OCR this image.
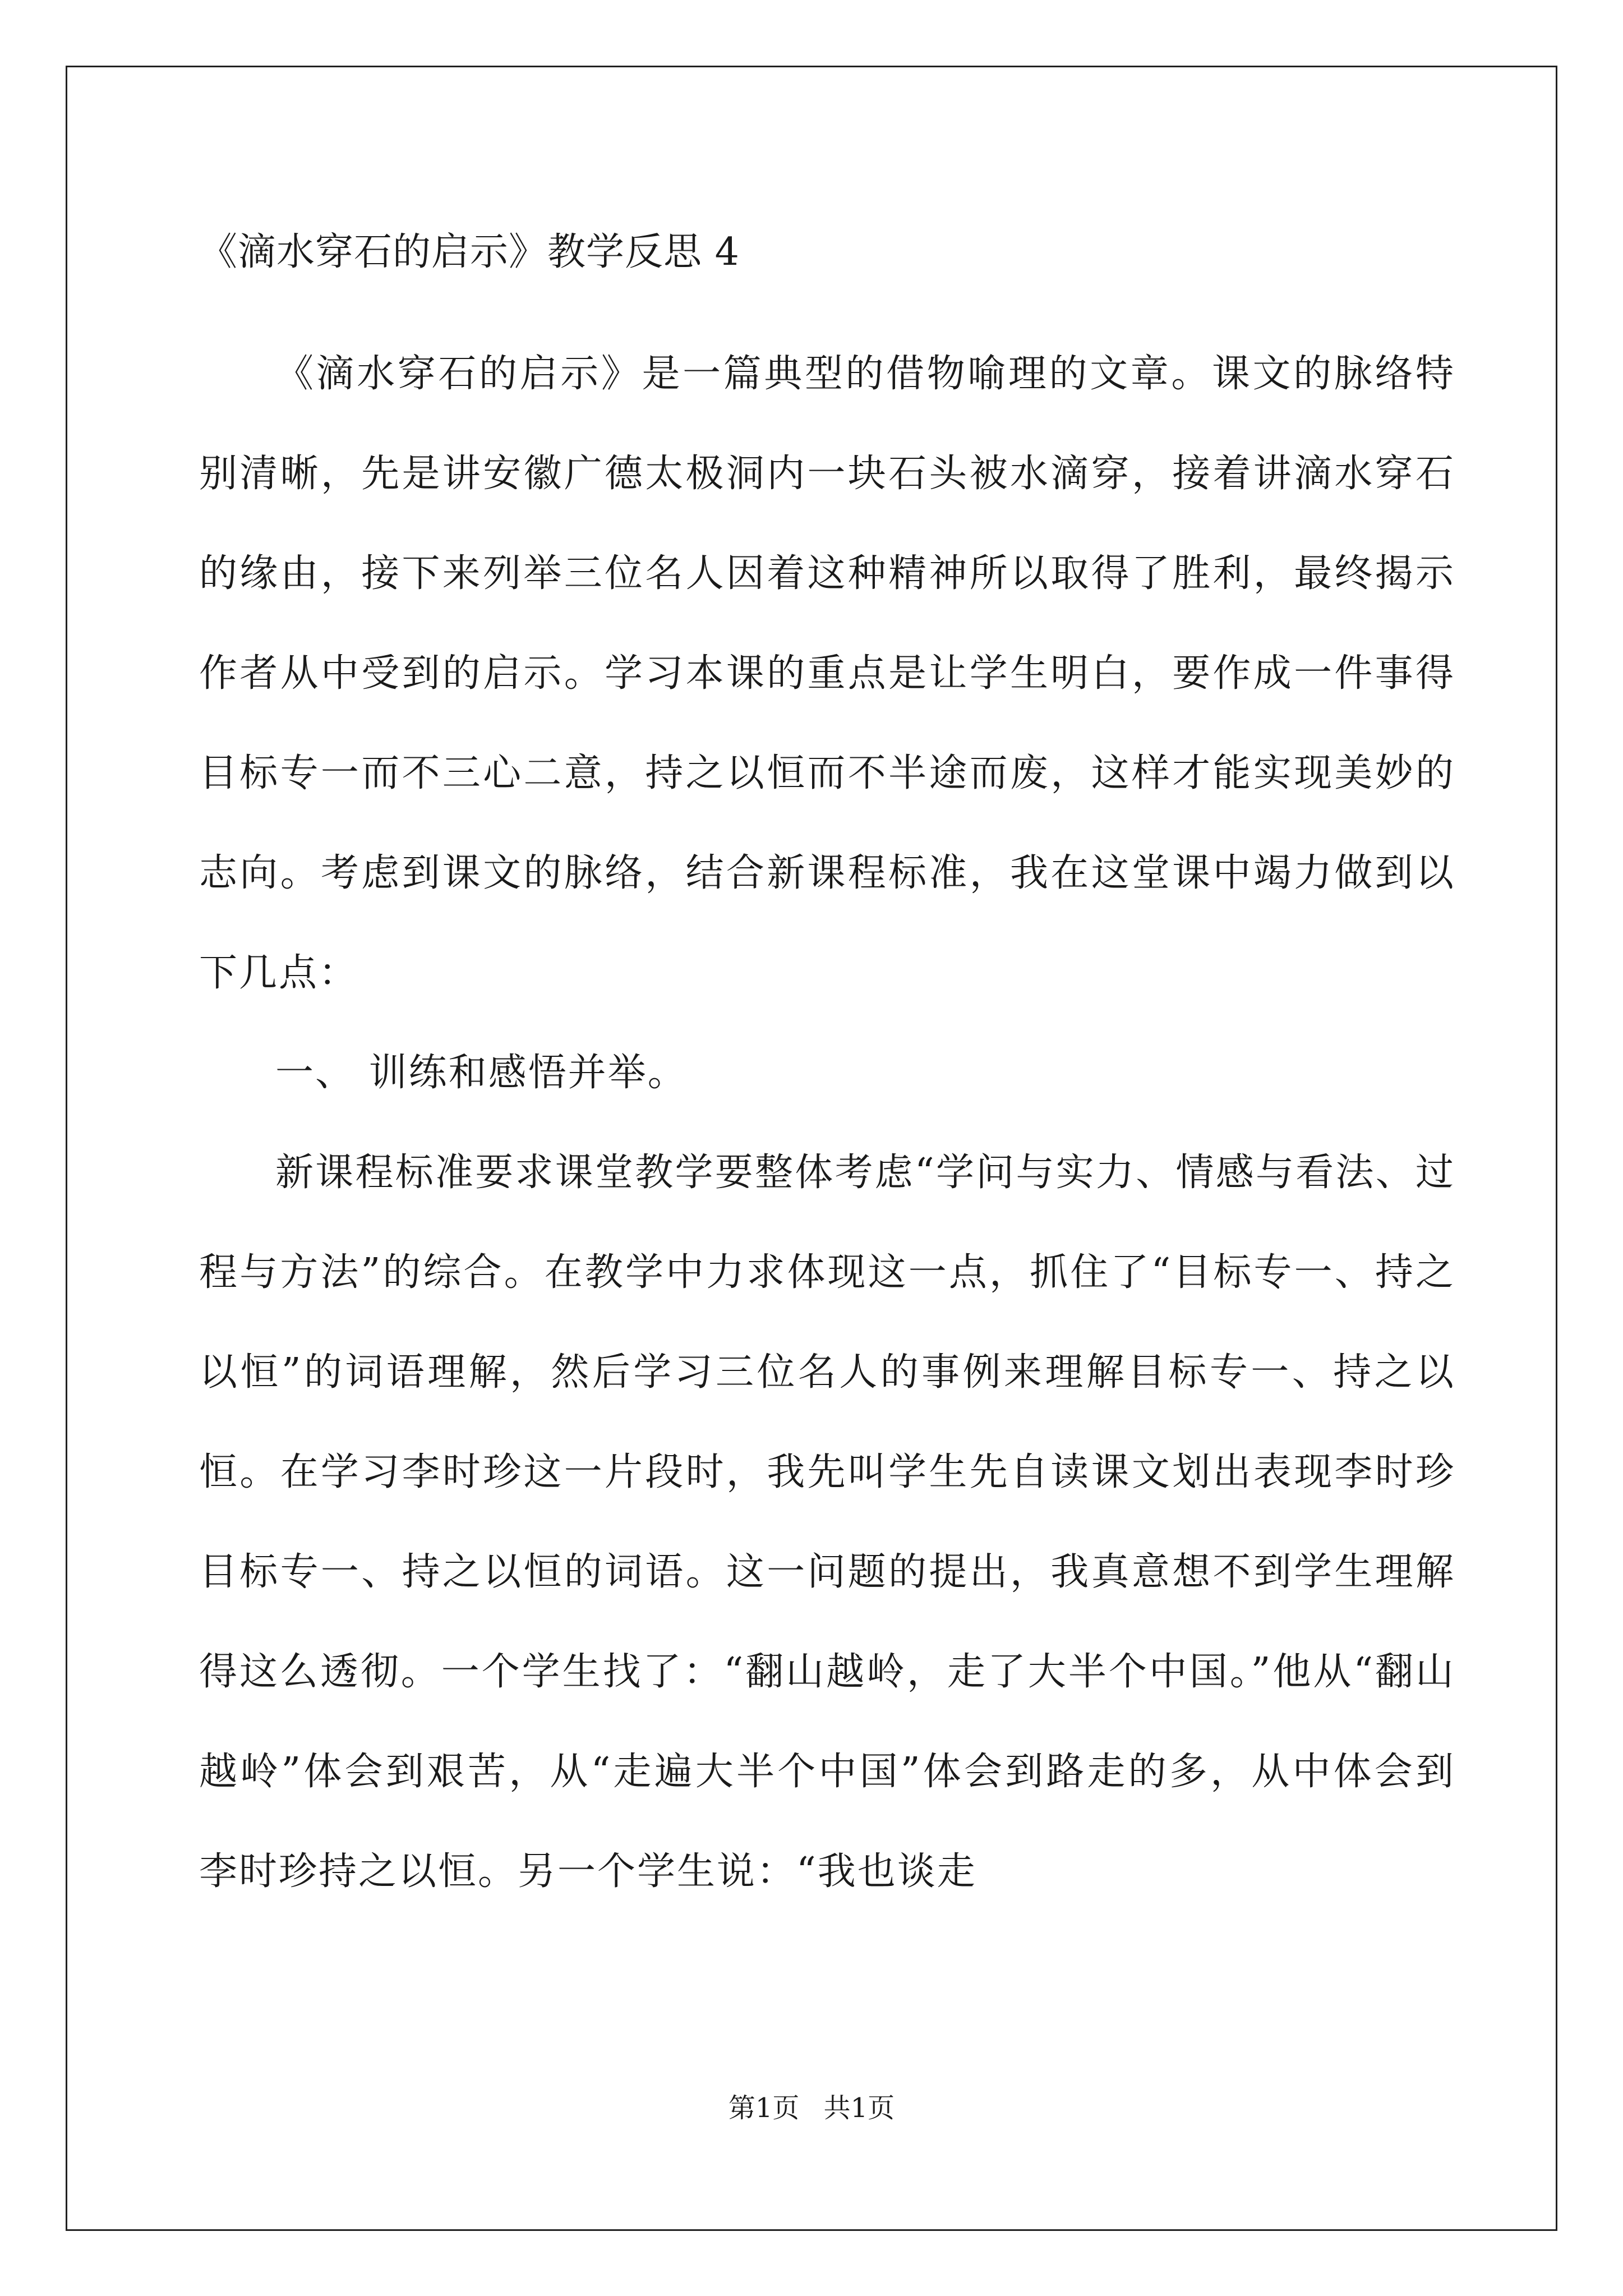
《滴水穿石的启示》教学反思 4

《滴水穿石的启示》是一篇典型的借物喻理的文章。课文的脉络特别清晰，先是讲安徽广德太极洞内一块石头被水滴穿，接着讲滴水穿石的缘由，接下来列举三位名人因着这种精神所以取得了胜利，最终揭示作者从中受到的启示。学习本课的重点是让学生明白，要作成一件事得目标专一而不三心二意，持之以恒而不半途而废，这样才能实现美妙的志向。考虑到课文的脉络，结合新课程标准，我在这堂课中竭力做到以下几点：

一、 训练和感悟并举。

新课程标准要求课堂教学要整体考虑“学问与实力、情感与看法、过程与方法”的综合。在教学中力求体现这一点，抓住了“目标专一、持之以恒”的词语理解，然后学习三位名人的事例来理解目标专一、持之以恒。在学习李时珍这一片段时，我先叫学生先自读课文划出表现李时珍目标专一、持之以恒的词语。这一问题的提出，我真意想不到学生理解得这么透彻。一个学生找了：“翻山越岭，走了大半个中国。”他从“翻山越岭”体会到艰苦，从“走遍大半个中国”体会到路走的多，从中体会到李时珍持之以恒。另一个学生说：“我也谈走

第1页 共1页
